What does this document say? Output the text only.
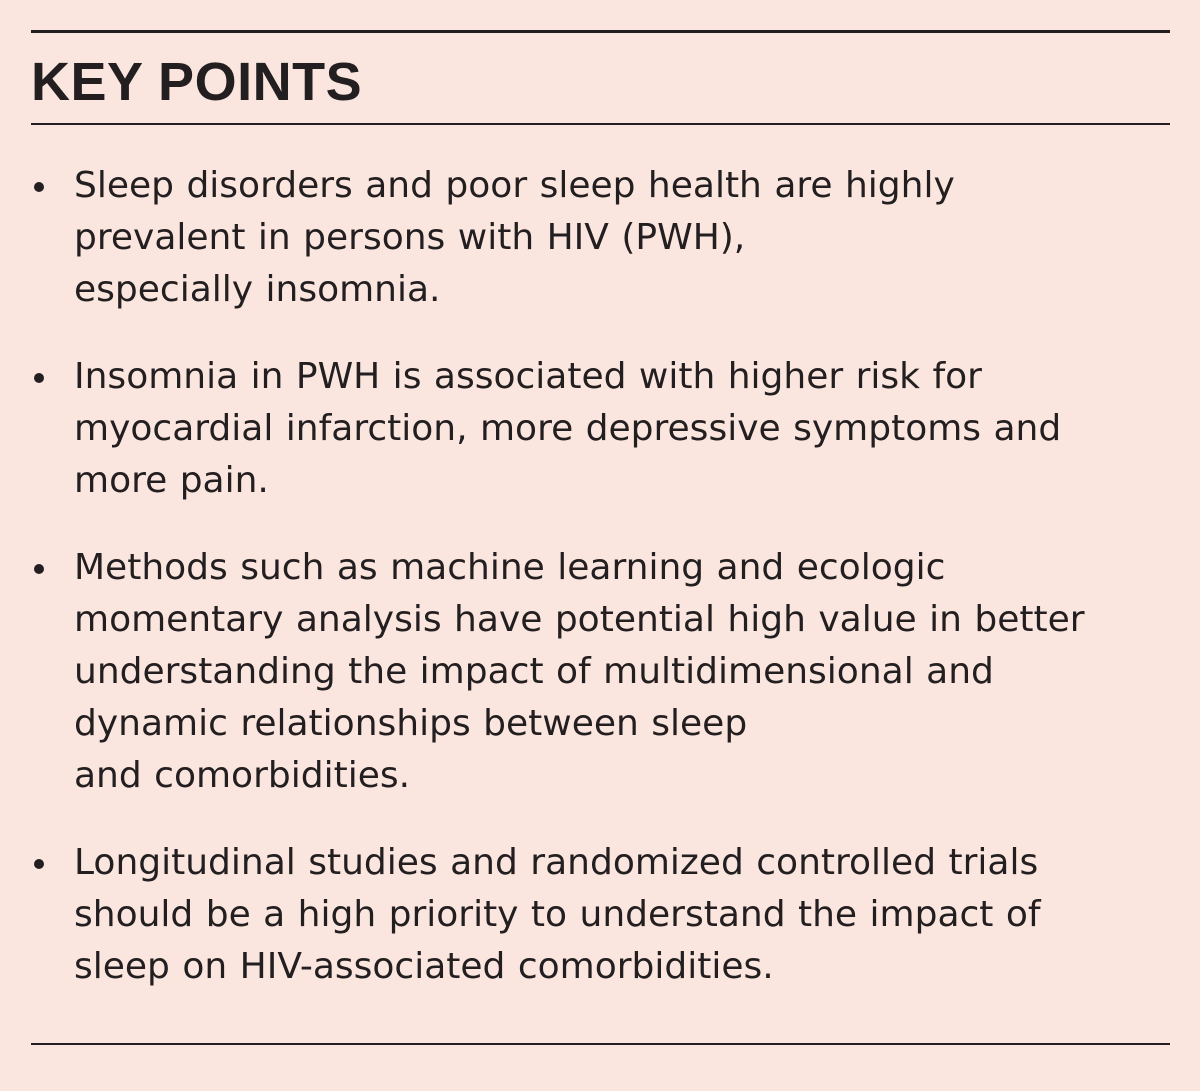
KEY POINTS
Sleep disorders and poor sleep health are highly
prevalent in persons with HIV (PWH),
especially insomnia.
Insomnia in PWH is associated with higher risk for
myocardial infarction, more depressive symptoms and
more pain.
Methods such as machine learning and ecologic
momentary analysis have potential high value in better
understanding the impact of multidimensional and
dynamic relationships between sleep
and comorbidities.
Longitudinal studies and randomized controlled trials
should be a high priority to understand the impact of
sleep on HIV-associated comorbidities.
